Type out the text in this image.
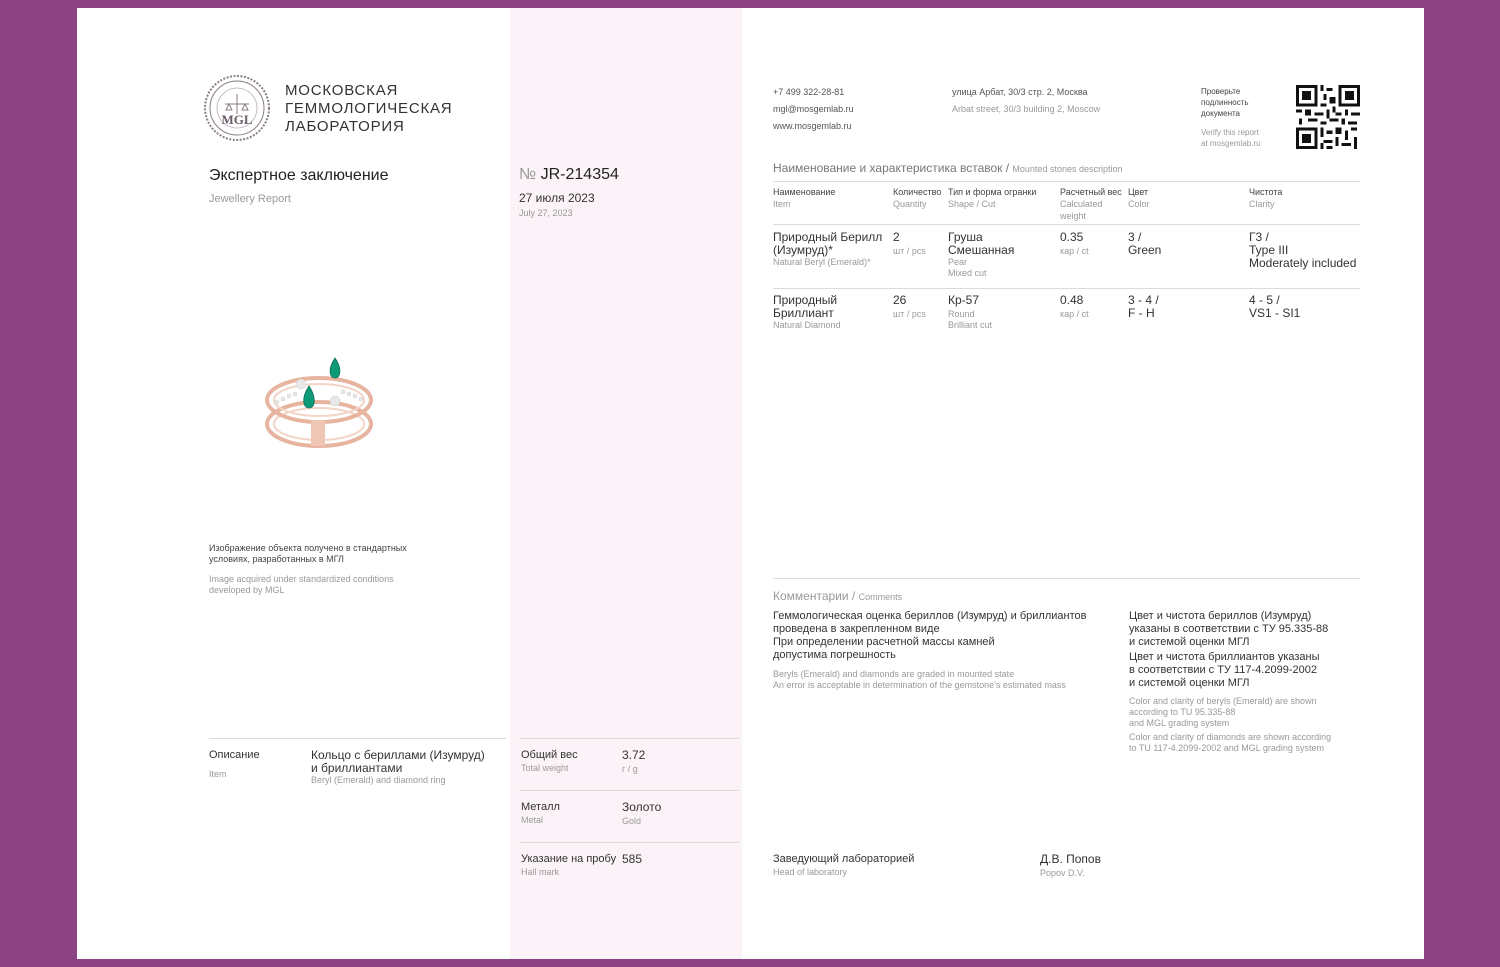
MGL
МОСКОВСКАЯ
ГЕММОЛОГИЧЕСКАЯ
ЛАБОРАТОРИЯ
Экспертное заключение
Jewellery Report
№ JR-214354
27 июля 2023
July 27, 2023
+7 499 322-28-81
mgl@mosgemlab.ru
www.mosgemlab.ru
улица Арбат, 30/3 стр. 2, Москва
Arbat street, 30/3 building 2, Moscow
Проверьте
подлинность
документа
Verify this report
at mosgemlab.ru
Наименование и характеристика вставок / Mounted stones description
Наименование
Item
Количество
Quantity
Тип и форма огранки
Shape / Cut
Расчетный вес
Calculated
weight
Цвет
Color
Чистота
Clarity
Природный Берилл
(Изумруд)*
Natural Beryl (Emerald)*
2
шт / pcs
Груша
Смешанная
Pear
Mixed cut
0.35
кар / ct
3 /
Green
Г3 /
Type III
Moderately included
Природный
Бриллиант
Natural Diamond
26
шт / pcs
Кр-57
Round
Brilliant cut
0.48
кар / ct
3 - 4 /
F - H
4 - 5 /
VS1 - SI1
Изображение объекта получено в стандартных
условиях, разработанных в МГЛ
Image acquired under standardized conditions
developed by MGL	Комментарии / Comments
Геммологическая оценка бериллов (Изумруд) и бриллиантов
проведена в закрепленном виде
При определении расчетной массы камней
допустима погрешность
Beryls (Emerald) and diamonds are graded in mounted state
An error is acceptable in determination of the gemstone's estimated mass
Цвет и чистота бериллов (Изумруд)
указаны в соответствии с ТУ 95.335-88
и системой оценки МГЛ
Цвет и чистота бриллиантов указаны
в соответствии с ТУ 117-4.2099-2002
и системой оценки МГЛ
Color and clarity of beryls (Emerald) are shown
according to TU 95.335-88
and MGL grading system
Color and clarity of diamonds are shown according
to TU 117-4.2099-2002 and MGL grading system
Описание
Item
Кольцо с бериллами (Изумруд)
и бриллиантами
Beryl (Emerald) and diamond ring
Общий вес
Total weight
3.72
г / g
Металл
Metal
Золото
Gold
Указание на пробу
Hall mark
585	Заведующий лабораторией
Head of laboratory
Д.В. Попов
Popov D.V.
